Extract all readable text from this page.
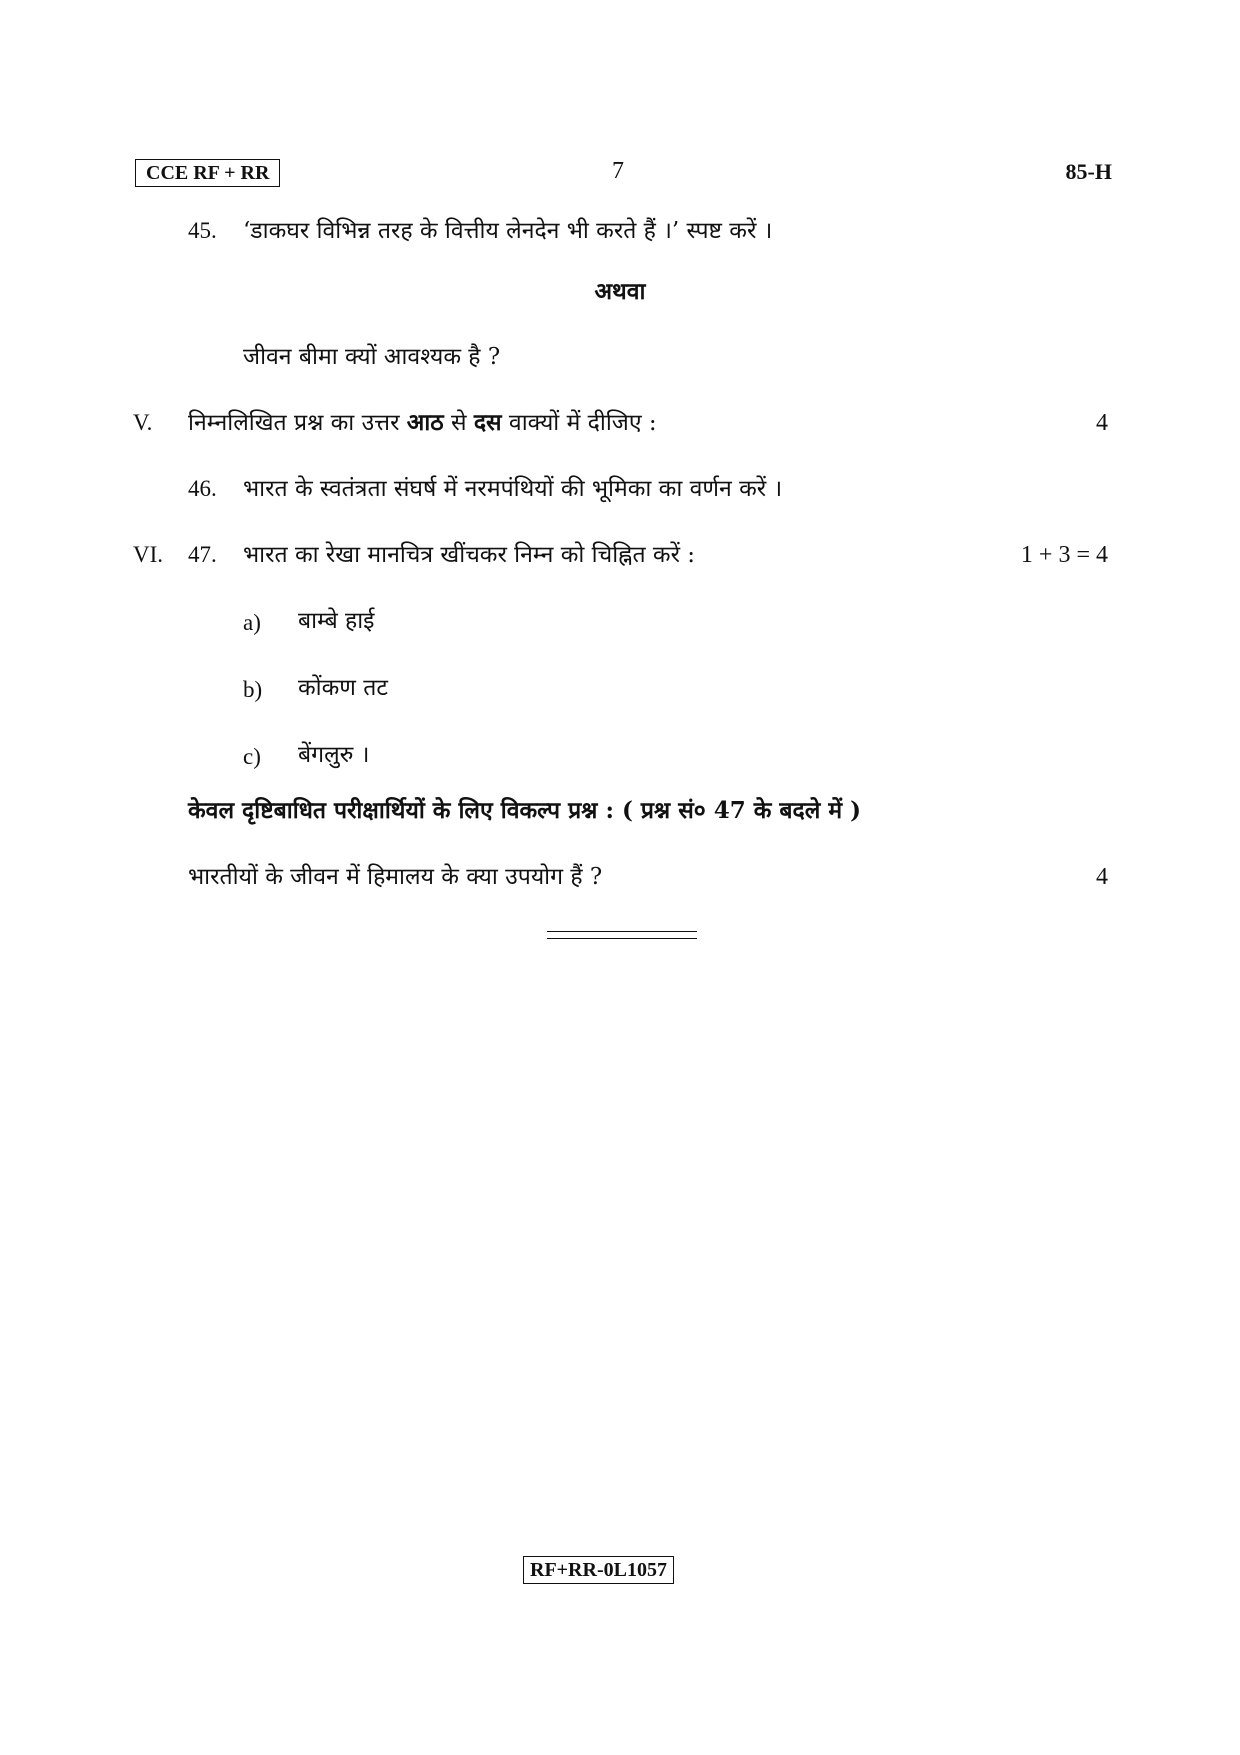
CCE RF + RR	7	85-H
45. ‘डाकघर विभिन्न तरह के वित्तीय लेनदेन भी करते हैं ।’ स्पष्ट करें ।
अथवा
जीवन बीमा क्यों आवश्यक है ?
V. निम्नलिखित प्रश्न का उत्तर आठ से दस वाक्यों में दीजिए :	4
46. भारत के स्वतंत्रता संघर्ष में नरमपंथियों की भूमिका का वर्णन करें ।
VI. 47. भारत का रेखा मानचित्र खींचकर निम्न को चिह्नित करें :	1 + 3 = 4
a) बाम्बे हाई
b) कोंकण तट
c) बेंगलुरु ।
केवल दृष्टिबाधित परीक्षार्थियों के लिए विकल्प प्रश्न : ( प्रश्न सं० 47 के बदले में )
भारतीयों के जीवन में हिमालय के क्या उपयोग हैं ?	4
RF+RR-0L1057
